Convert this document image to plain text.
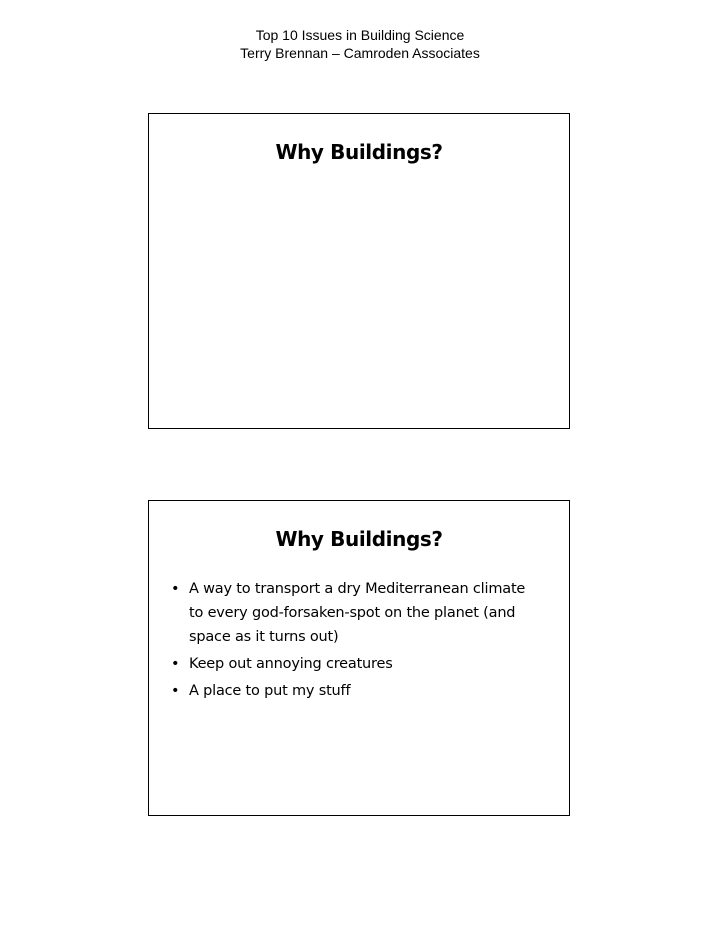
Top 10 Issues in Building Science
Terry Brennan – Camroden Associates
Why Buildings?
Why Buildings?
• A way to transport a dry Mediterranean climate to every god-forsaken-spot on the planet (and space as it turns out)
• Keep out annoying creatures
• A place to put my stuff
